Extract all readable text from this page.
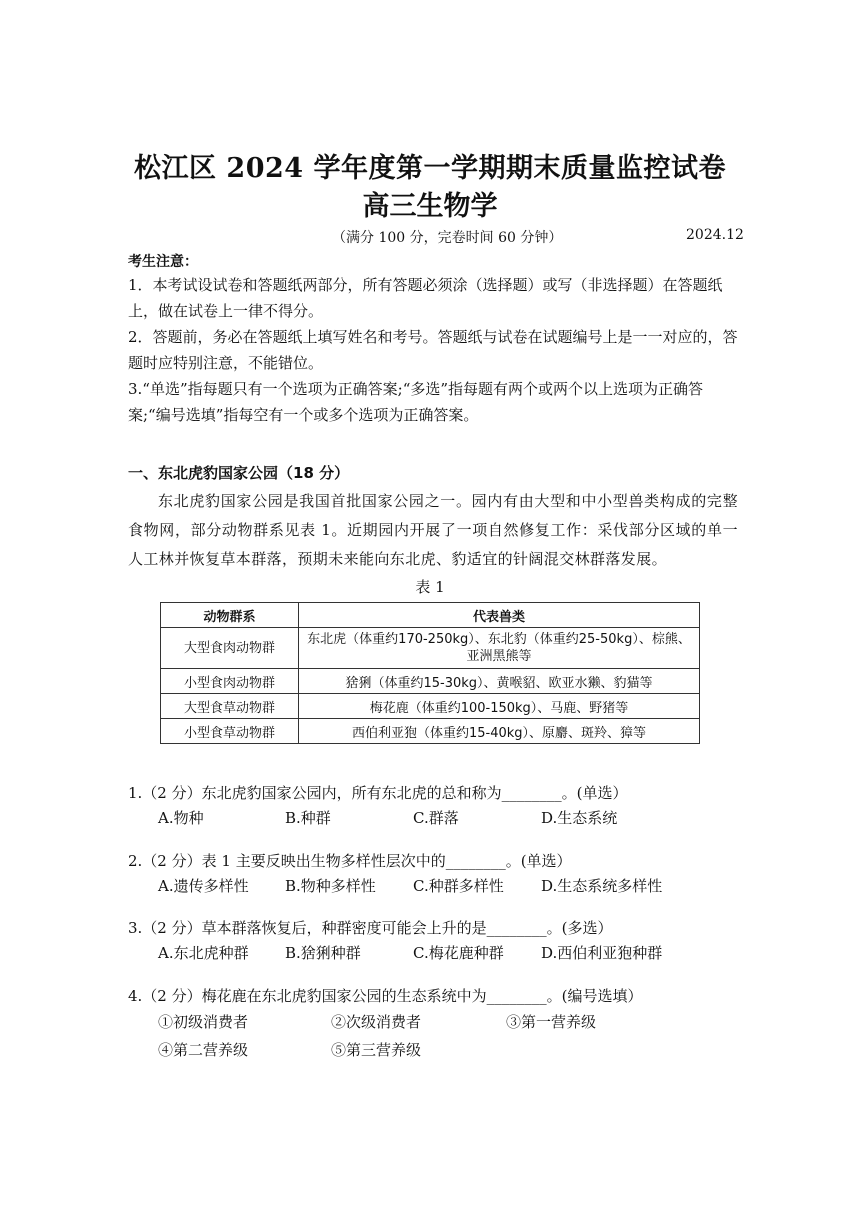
松江区 2024 学年度第一学期期末质量监控试卷
高三生物学
（满分 100 分，完卷时间 60 分钟）	2024.12
考生注意：
1．本考试设试卷和答题纸两部分，所有答题必须涂（选择题）或写（非选择题）在答题纸上，做在试卷上一律不得分。
2．答题前，务必在答题纸上填写姓名和考号。答题纸与试卷在试题编号上是一一对应的，答题时应特别注意，不能错位。
3.“单选”指每题只有一个选项为正确答案;“多选”指每题有两个或两个以上选项为正确答案;“编号选填”指每空有一个或多个选项为正确答案。
一、东北虎豹国家公园（18 分）
东北虎豹国家公园是我国首批国家公园之一。园内有由大型和中小型兽类构成的完整食物网，部分动物群系见表 1。近期园内开展了一项自然修复工作：采伐部分区域的单一人工林并恢复草本群落，预期未来能向东北虎、豹适宜的针阔混交林群落发展。
表 1
动物群系	代表兽类
大型食肉动物群	东北虎（体重约170-250kg）、东北豹（体重约25-50kg）、棕熊、亚洲黑熊等
小型食肉动物群	猞猁（体重约15-30kg）、黄喉貂、欧亚水獭、豹猫等
大型食草动物群	梅花鹿（体重约100-150kg）、马鹿、野猪等
小型食草动物群	西伯利亚狍（体重约15-40kg）、原麝、斑羚、獐等
1.（2 分）东北虎豹国家公园内，所有东北虎的总和称为________。(单选）
A.物种	B.种群	C.群落	D.生态系统
2.（2 分）表 1 主要反映出生物多样性层次中的________。(单选）
A.遗传多样性 B.物种多样性 C.种群多样性 D.生态系统多样性
3.（2 分）草本群落恢复后，种群密度可能会上升的是________。(多选）
A.东北虎种群 B.猞猁种群	C.梅花鹿种群 D.西伯利亚狍种群
4.（2 分）梅花鹿在东北虎豹国家公园的生态系统中为________。(编号选填）
①初级消费者	②次级消费者	③第一营养级
④第二营养级	⑤第三营养级
